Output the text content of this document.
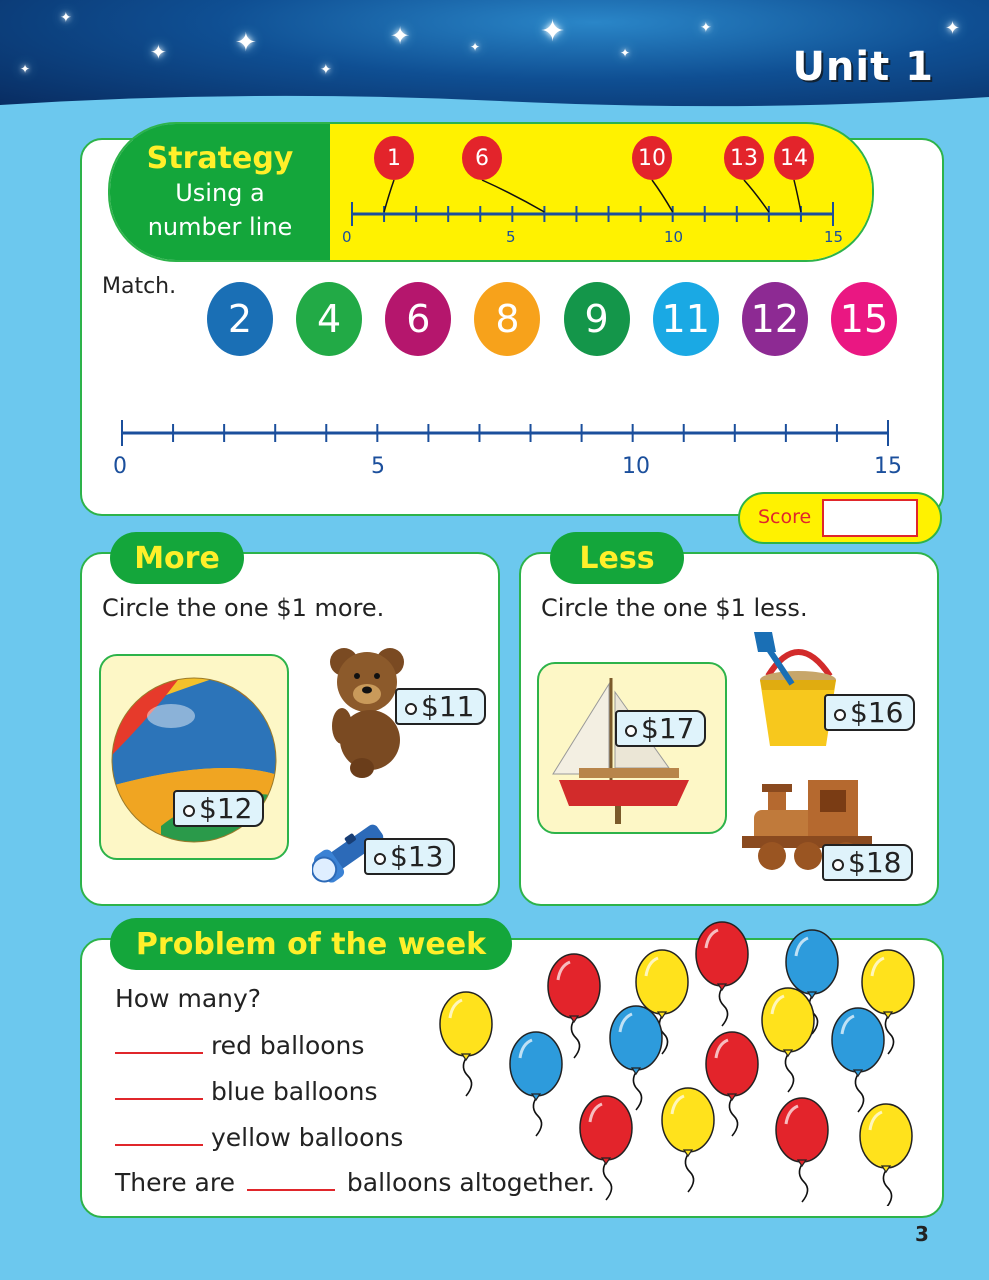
✦
✦	✦
✦
✦	✦ ✦
✦
✦	✦
✦	Unit 1
Strategy
Using a
number line	0	5	10	15
1	6	10	13 14
Match.
2	4	6	8	9	11 12 15
0	5	10	15
Score
More
Circle the one $1 more.
$12
$11
$13
Less
Circle the one $1 less.
$17	$16
$18
Problem of the week
How many?
red balloons
blue balloons
yellow balloons
There are	balloons altogether.
3
